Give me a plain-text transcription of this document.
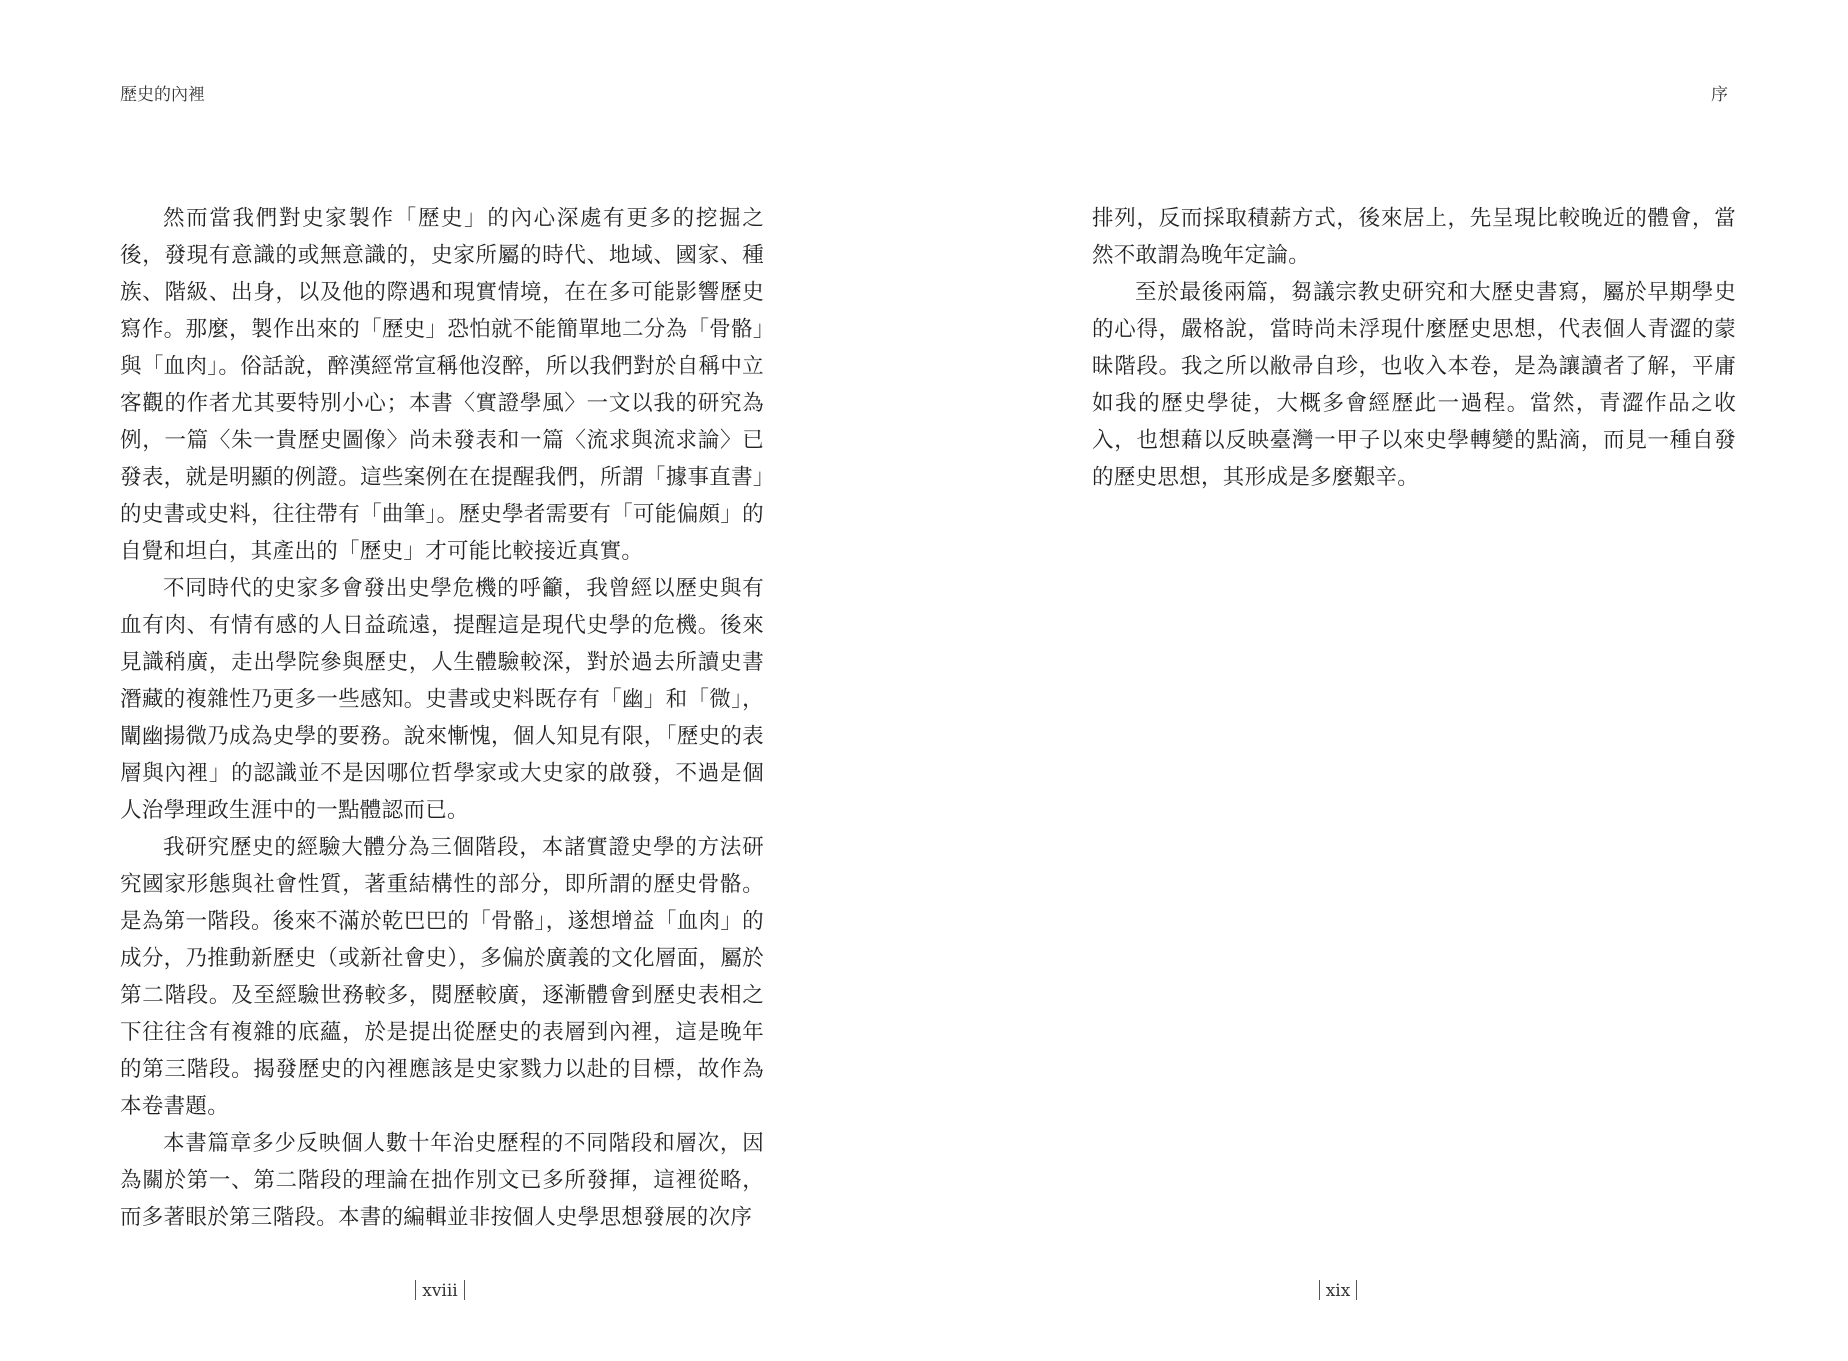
歷史的內裡

然而當我們對史家製作「歷史」的內心深處有更多的挖掘之後，發現有意識的或無意識的，史家所屬的時代、地域、國家、種族、階級、出身，以及他的際遇和現實情境，在在多可能影響歷史寫作。那麼，製作出來的「歷史」恐怕就不能簡單地二分為「骨骼」與「血肉」。俗話說，醉漢經常宣稱他沒醉，所以我們對於自稱中立客觀的作者尤其要特別小心；本書〈實證學風〉一文以我的研究為例，一篇〈朱一貴歷史圖像〉尚未發表和一篇〈流求與流求論〉已發表，就是明顯的例證。這些案例在在提醒我們，所謂「據事直書」的史書或史料，往往帶有「曲筆」。歷史學者需要有「可能偏頗」的自覺和坦白，其產出的「歷史」才可能比較接近真實。

不同時代的史家多會發出史學危機的呼籲，我曾經以歷史與有血有肉、有情有感的人日益疏遠，提醒這是現代史學的危機。後來見識稍廣，走出學院參與歷史，人生體驗較深，對於過去所讀史書潛藏的複雜性乃更多一些感知。史書或史料既存有「幽」和「微」，闡幽揚微乃成為史學的要務。說來慚愧，個人知見有限，「歷史的表層與內裡」的認識並不是因哪位哲學家或大史家的啟發，不過是個人治學理政生涯中的一點體認而已。

我研究歷史的經驗大體分為三個階段，本諸實證史學的方法研究國家形態與社會性質，著重結構性的部分，即所謂的歷史骨骼。是為第一階段。後來不滿於乾巴巴的「骨骼」，遂想增益「血肉」的成分，乃推動新歷史（或新社會史），多偏於廣義的文化層面，屬於第二階段。及至經驗世務較多，閱歷較廣，逐漸體會到歷史表相之下往往含有複雜的底蘊，於是提出從歷史的表層到內裡，這是晚年的第三階段。揭發歷史的內裡應該是史家戮力以赴的目標，故作為本卷書題。

本書篇章多少反映個人數十年治史歷程的不同階段和層次，因為關於第一、第二階段的理論在拙作別文已多所發揮，這裡從略，而多著眼於第三階段。本書的編輯並非按個人史學思想發展的次序

xviii
序

排列，反而採取積薪方式，後來居上，先呈現比較晚近的體會，當然不敢謂為晚年定論。

至於最後兩篇，芻議宗教史研究和大歷史書寫，屬於早期學史的心得，嚴格說，當時尚未浮現什麼歷史思想，代表個人青澀的蒙昧階段。我之所以敝帚自珍，也收入本卷，是為讓讀者了解，平庸如我的歷史學徒，大概多會經歷此一過程。當然，青澀作品之收入，也想藉以反映臺灣一甲子以來史學轉變的點滴，而見一種自發的歷史思想，其形成是多麼艱辛。

xix
